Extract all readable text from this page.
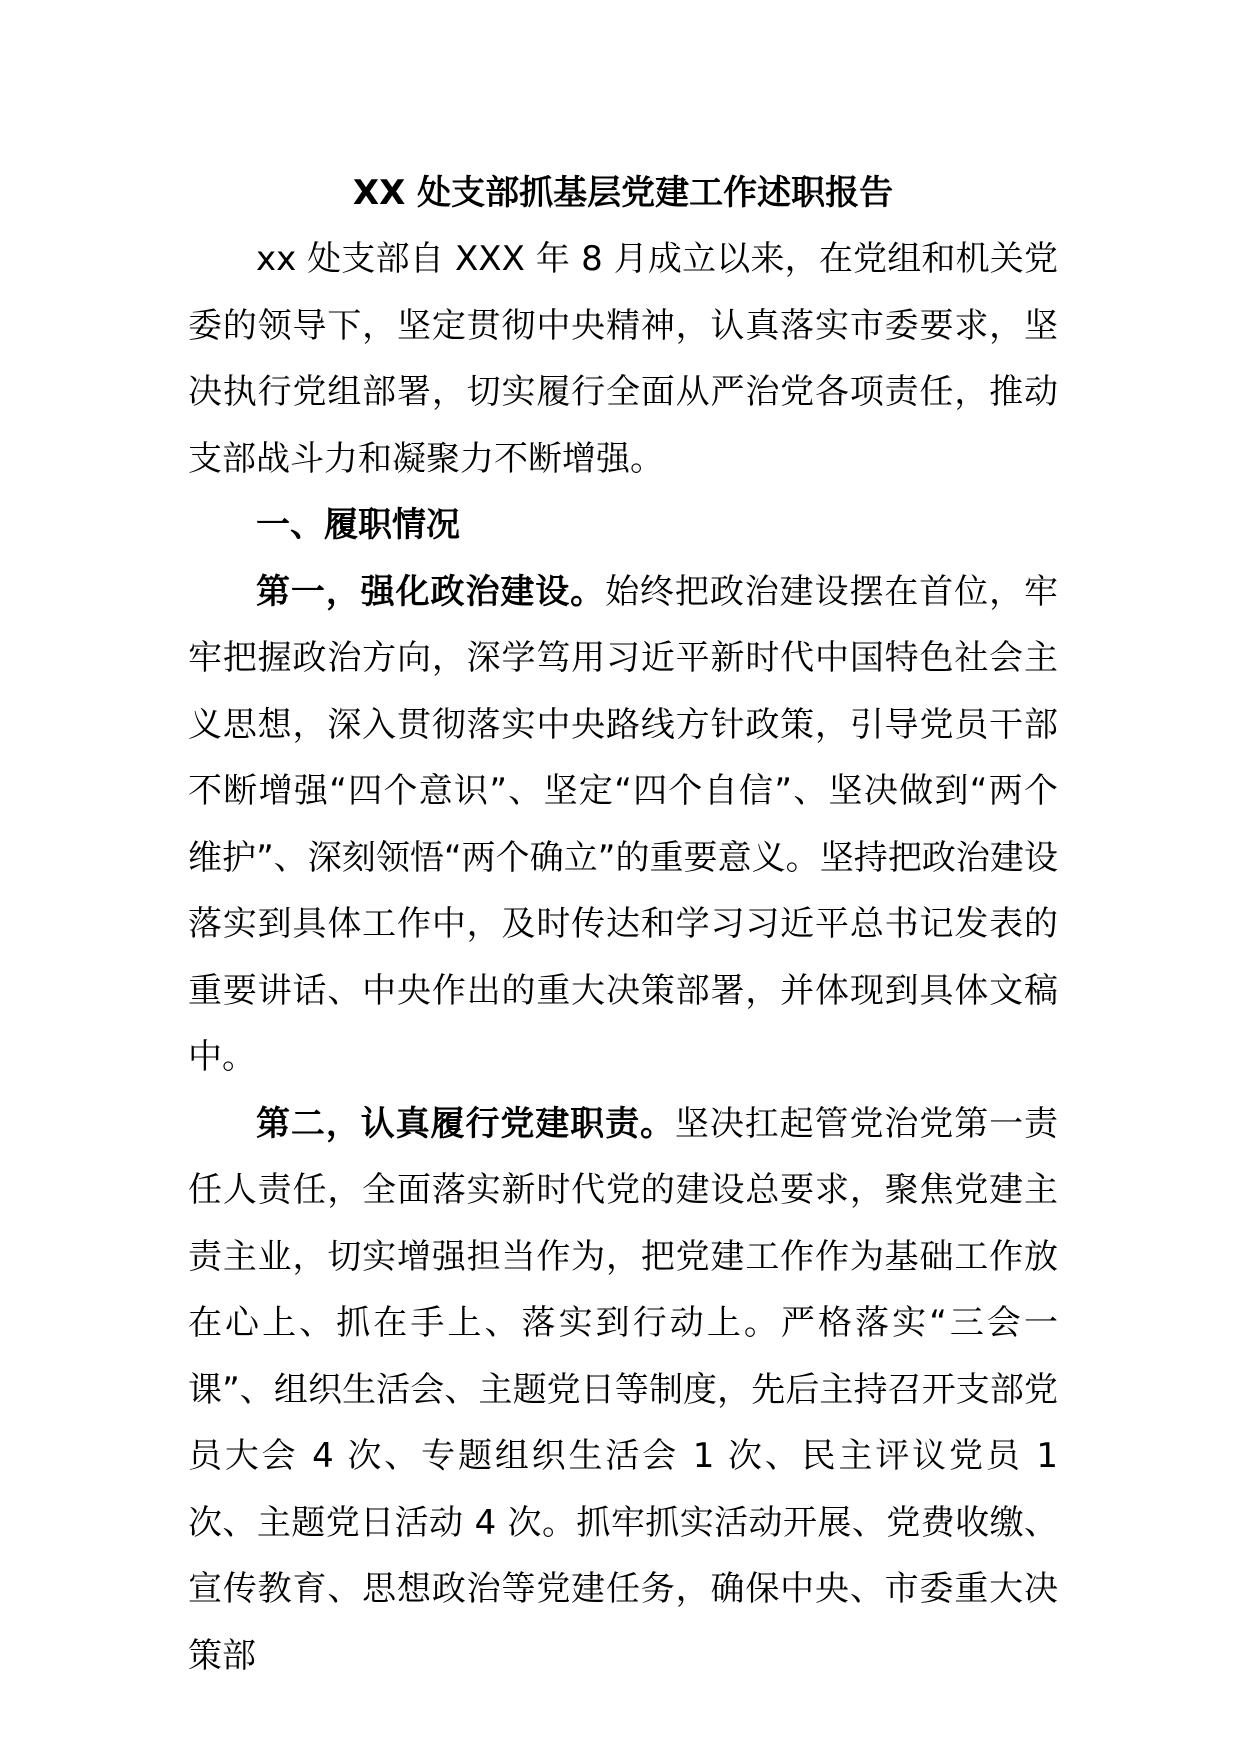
XX 处支部抓基层党建工作述职报告

xx 处支部自 XXX 年 8 月成立以来，在党组和机关党委的领导下，坚定贯彻中央精神，认真落实市委要求，坚决执行党组部署，切实履行全面从严治党各项责任，推动支部战斗力和凝聚力不断增强。

一、履职情况

第一，强化政治建设。始终把政治建设摆在首位，牢牢把握政治方向，深学笃用习近平新时代中国特色社会主义思想，深入贯彻落实中央路线方针政策，引导党员干部不断增强“四个意识”、坚定“四个自信”、坚决做到“两个维护”、深刻领悟“两个确立”的重要意义。坚持把政治建设落实到具体工作中，及时传达和学习习近平总书记发表的重要讲话、中央作出的重大决策部署，并体现到具体文稿中。

第二，认真履行党建职责。坚决扛起管党治党第一责任人责任，全面落实新时代党的建设总要求，聚焦党建主责主业，切实增强担当作为，把党建工作作为基础工作放在心上、抓在手上、落实到行动上。严格落实“三会一课”、组织生活会、主题党日等制度，先后主持召开支部党员大会 4 次、专题组织生活会 1 次、民主评议党员 1 次、主题党日活动 4 次。抓牢抓实活动开展、党费收缴、宣传教育、思想政治等党建任务，确保中央、市委重大决策部
